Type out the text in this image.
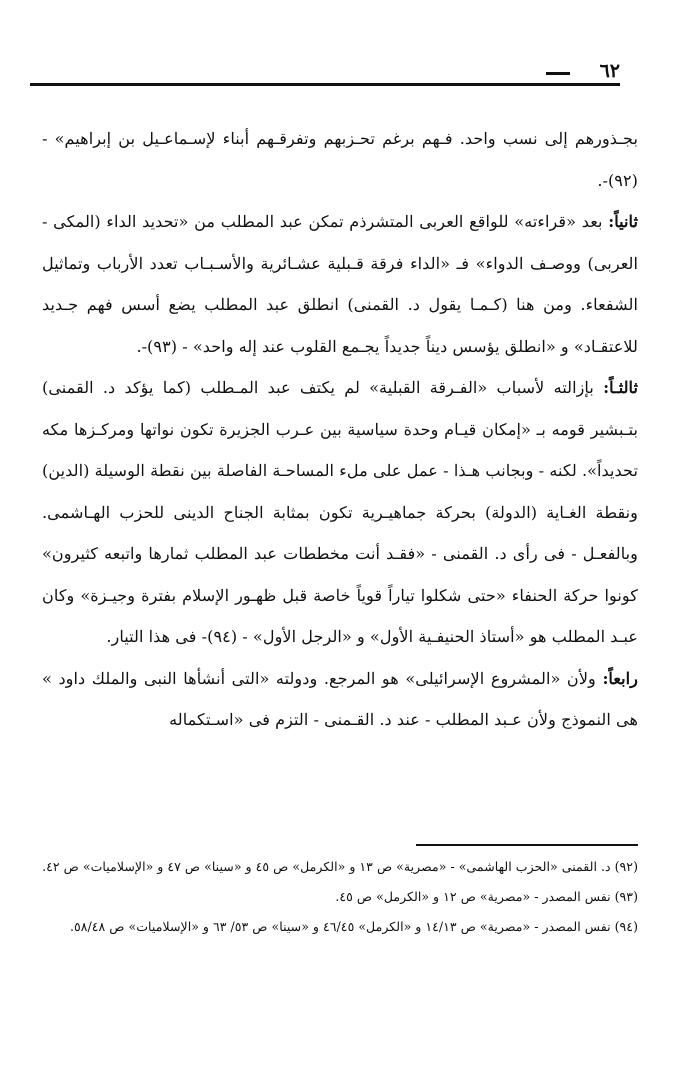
٦٢

بجـذورهم إلى نسب واحد. فـهم برغم تحـزبهم وتفرقـهم أبناء لإسـماعـيل بن إبراهيم» - (٩٢)-.

ثانياً: بعد «قراءته» للواقع العربى المتشرذم تمكن عبد المطلب من «تحديد الداء (المكى - العربى) ووصـف الدواء» فـ «الداء فرقة قـبلية عشـائرية والأسـبـاب تعدد الأرباب وتماثيل الشفعاء. ومن هنا (كـمـا يقول د. القمنى) انطلق عبد المطلب يضع أسس فهم جـديد للاعتقـاد» و «انطلق يؤسس ديناً جديداً يجـمع القلوب عند إله واحد» - (٩٣)-.

ثالثـاً: بإزالته لأسباب «الفـرقة القبلية» لم يكتف عبد المـطلب (كما يؤكد د. القمنى) بتـبشير قومه بـ «إمكان قيـام وحدة سياسية بين عـرب الجزيرة تكون نواتها ومركـزها مكه تحديداً». لكنه - وبجانب هـذا - عمل على ملء المساحـة الفاصلة بين نقطة الوسيلة (الدين) ونقطة الغـاية (الدولة) بحركة جماهيـرية تكون بمثابة الجناح الدينى للحزب الهـاشمى. وبالفعـل - فى رأى د. القمنى - «فقـد أنت مخططات عبد المطلب ثمارها واتبعه كثيرون» كونوا حركة الحنفاء «حتى شكلوا تياراً قوياً خاصة قبل ظهـور الإسلام بفترة وجيـزة» وكان عبـد المطلب هو «أستاذ الحنيفـية الأول» و «الرجل الأول» - (٩٤)- فى هذا التيار.

رابعاً: ولأن «المشروع الإسرائيلى» هو المرجع. ودولته «التى أنشأها النبى والملك داود » هى النموذج ولأن عـبد المطلب - عند د. القـمنى - التزم فى «اسـتكماله

(٩٢) د. القمنى «الحزب الهاشمى» - «مصرية» ص ١٣ و «الكرمل» ص ٤٥ و «سينا» ص ٤٧ و «الإسلاميات» ص ٤٢.

(٩٣) نفس المصدر - «مصرية» ص ١٢ و «الكرمل» ص ٤٥.

(٩٤) نفس المصدر - «مصرية» ص ١٤/١٣ و «الكرمل» ٤٦/٤٥ و «سينا» ص ٥٣/ ٦٣ و «الإسلاميات» ص ٥٨/٤٨.
